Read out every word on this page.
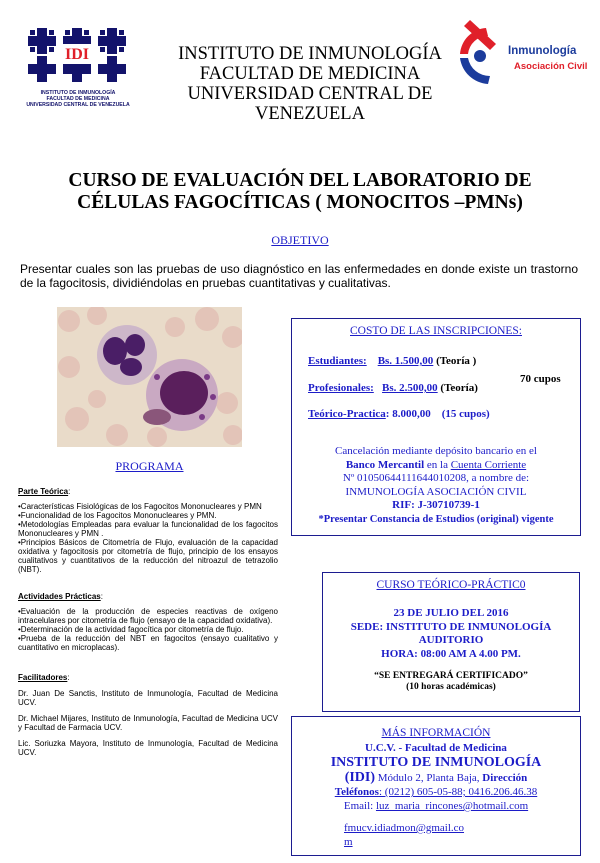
IDI
INSTITUTO DE INMUNOLOGÍA
FACULTAD DE MEDICINA
UNIVERSIDAD CENTRAL DE VENEZUELA
INSTITUTO DE INMUNOLOGÍA
FACULTAD DE MEDICINA
UNIVERSIDAD CENTRAL DE
VENEZUELA
Inmunología
Asociación Civil
CURSO DE EVALUACIÓN DEL LABORATORIO DE
CÉLULAS FAGOCÍTICAS ( MONOCITOS –PMNs)
OBJETIVO
Presentar cuales son las pruebas de uso diagnóstico en las enfermedades en donde existe un trastorno de la fagocitosis, dividiéndolas en pruebas cuantitativas y cualitativas.
PROGRAMA
Parte Teórica:
•Características Fisiológicas de los Fagocitos Mononucleares y PMN
•Funcionalidad de los Fagocitos Mononucleares y PMN.
•Metodologías Empleadas para evaluar la funcionalidad de los fagocitos Mononucleares y PMN .
•Principios Básicos de Citometría de Flujo, evaluación de la capacidad oxidativa y fagocitosis por citometría de flujo, principio de los ensayos cualitativos y cuantitativos de la reducción del nitroazul de tetrazolio (NBT).
Actividades Prácticas:
•Evaluación de la producción de especies reactivas de oxígeno intracelulares por citometría de flujo (ensayo de la capacidad oxidativa).
•Determinación de la actividad fagocítica por citometría de flujo.
•Prueba de la reducción del NBT en fagocitos (ensayo cualitativo y cuantitativo en microplacas).
Facilitadores:
Dr. Juan De Sanctis, Instituto de Inmunología, Facultad de Medicina UCV.
Dr. Michael Mijares, Instituto de Inmunología, Facultad de Medicina UCV y Facultad de Farmacia UCV.
Lic. Soriuzka Mayora, Instituto de Inmunología, Facultad de Medicina UCV.
COSTO DE LAS INSCRIPCIONES:
Estudiantes: Bs. 1.500,00 (Teoría )
70 cupos
Profesionales: Bs. 2.500,00 (Teoría)
Teórico-Practica: 8.000,00 (15 cupos)
Cancelación mediante depósito bancario en el
Banco Mercantil en la Cuenta Corriente
Nº 01050644111644010208, a nombre de:
INMUNOLOGÍA ASOCIACIÓN CIVIL
RIF: J-30710739-1
*Presentar Constancia de Estudios (original) vigente
CURSO TEÓRICO-PRÁCTIC0
23 DE JULIO DEL 2016
SEDE: INSTITUTO DE INMUNOLOGÍA
AUDITORIO
HORA: 08:00 AM A 4.00 PM.
“SE ENTREGARÁ CERTIFICADO”
(10 horas académicas)
MÁS INFORMACIÓN
U.C.V. - Facultad de Medicina
INSTITUTO DE INMUNOLOGÍA
(IDI) Módulo 2, Planta Baja, Dirección
Teléfonos: (0212) 605-05-88; 0416.206.46.38
Email: luz_maria_rincones@hotmail.com
fmucv.idiadmon@gmail.co
m
